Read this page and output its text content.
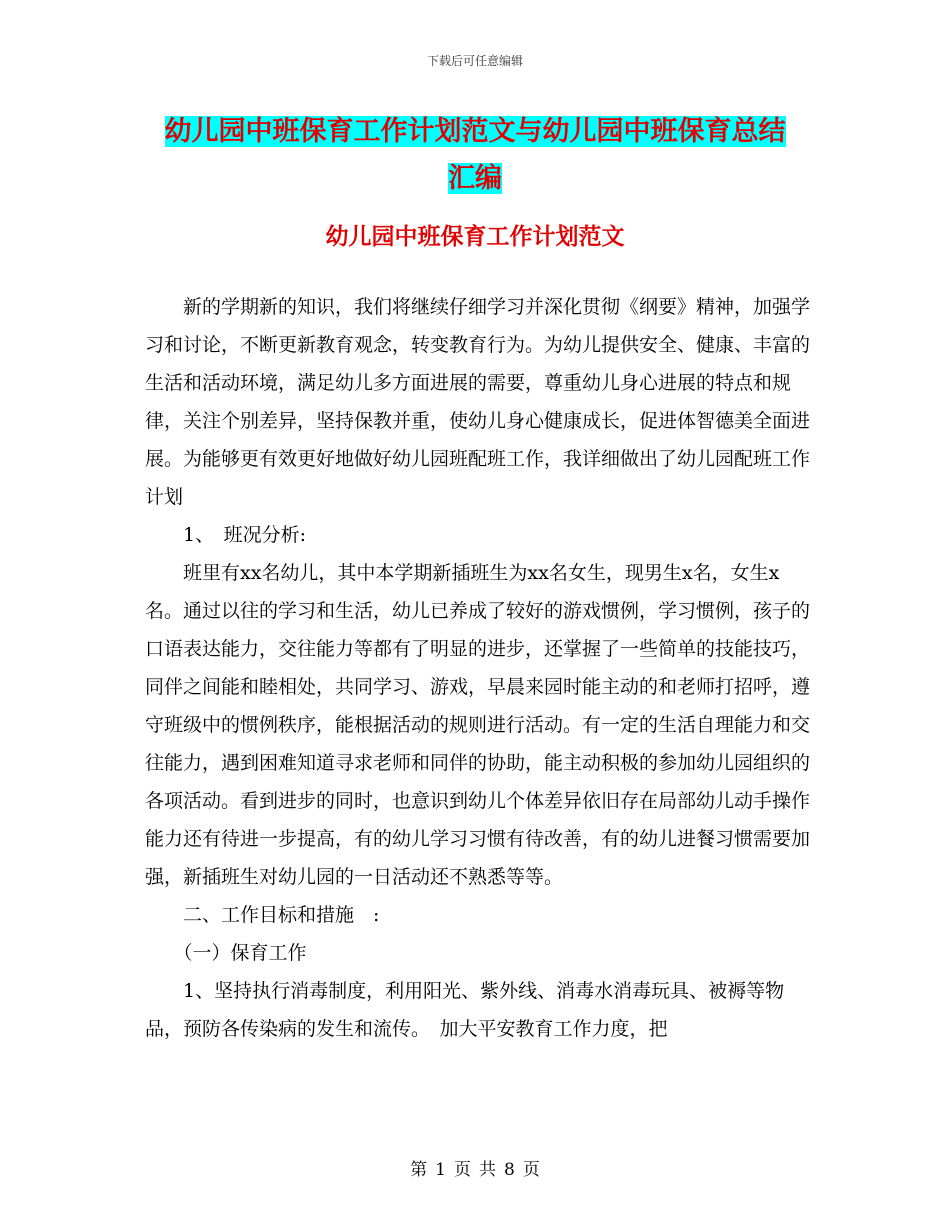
下载后可任意编辑
幼儿园中班保育工作计划范文与幼儿园中班保育总结
汇编
幼儿园中班保育工作计划范文

新的学期新的知识，我们将继续仔细学习并深化贯彻《纲要》精神，加强学习和讨论，不断更新教育观念，转变教育行为。为幼儿提供安全、健康、丰富的生活和活动环境，满足幼儿多方面进展的需要，尊重幼儿身心进展的特点和规律，关注个别差异，坚持保教并重，使幼儿身心健康成长，促进体智德美全面进展。为能够更有效更好地做好幼儿园班配班工作，我详细做出了幼儿园配班工作计划

1、　班况分析:

班里有xx名幼儿，其中本学期新插班生为xx名女生，现男生x名，女生x　名。通过以往的学习和生活，幼儿已养成了较好的游戏惯例，学习惯例，孩子的口语表达能力，交往能力等都有了明显的进步，还掌握了一些简单的技能技巧，同伴之间能和睦相处，共同学习、游戏，早晨来园时能主动的和老师打招呼，遵守班级中的惯例秩序，能根据活动的规则进行活动。有一定的生活自理能力和交往能力，遇到困难知道寻求老师和同伴的协助，能主动积极的参加幼儿园组织的各项活动。看到进步的同时，也意识到幼儿个体差异依旧存在局部幼儿动手操作能力还有待进一步提高，有的幼儿学习习惯有待改善，有的幼儿进餐习惯需要加强，新插班生对幼儿园的一日活动还不熟悉等等。

二、工作目标和措施　:

（一）保育工作

1、坚持执行消毒制度，利用阳光、紫外线、消毒水消毒玩具、被褥等物品，预防各传染病的发生和流传。　加大平安教育工作力度，把

第 1 页 共 8 页
